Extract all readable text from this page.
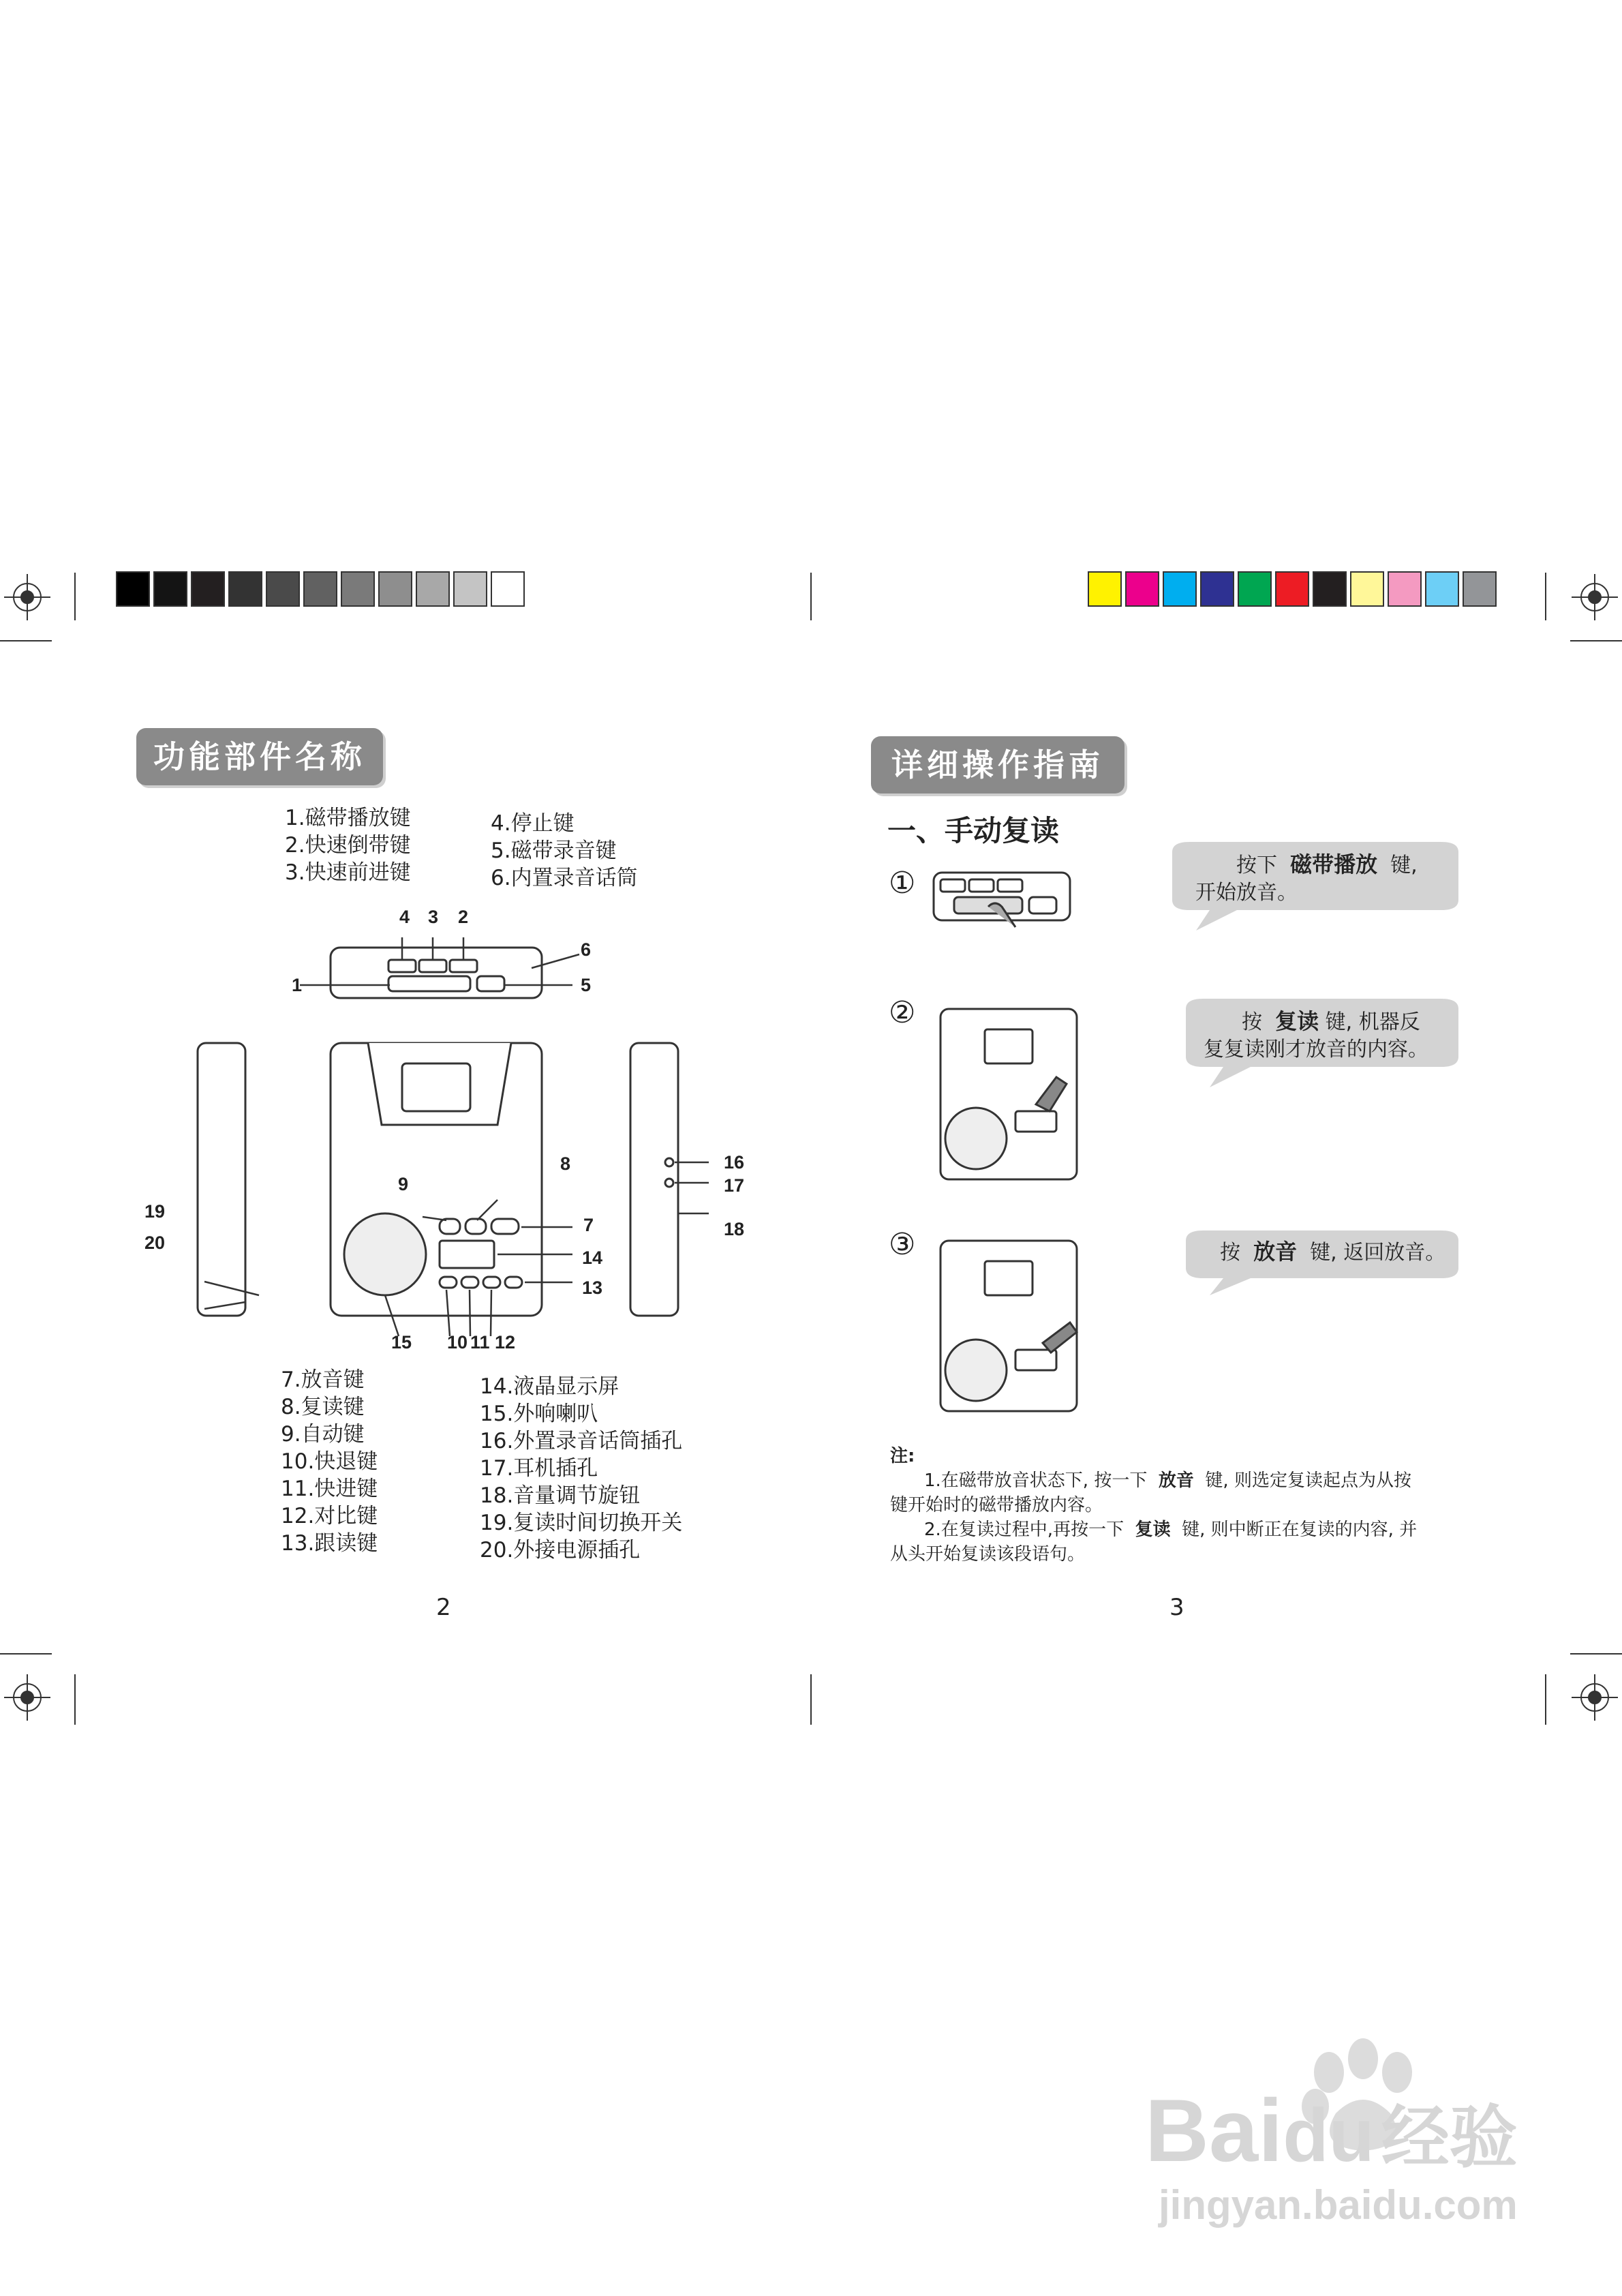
功能部件名称
1.磁带播放键
2.快速倒带键
3.快速前进键
4.停止键
5.磁带录音键
6.内置录音话筒
1
2
3
4
5
6
7
8
9
10 11 12
13
14
15
16
17
18
19
20
7.放音键
8.复读键
9.自动键
10.快退键
11.快进键
12.对比键
13.跟读键
14.液晶显示屏
15.外响喇叭
16.外置录音话筒插孔
17.耳机插孔
18.音量调节旋钮
19.复读时间切换开关
20.外接电源插孔
2
详细操作指南
一、手动复读
①
②
③
按下 磁带播放 键,
开始放音。
按 复读 键, 机器反
复复读刚才放音的内容。
按 放音 键, 返回放音。
注:
1.在磁带放音状态下, 按一下 放音 键, 则选定复读起点为从按
键开始时的磁带播放内容。
2.在复读过程中,再按一下 复读 键, 则中断正在复读的内容, 并
从头开始复读该段语句。
3
Baidu 经验
jingyan.baidu.com
